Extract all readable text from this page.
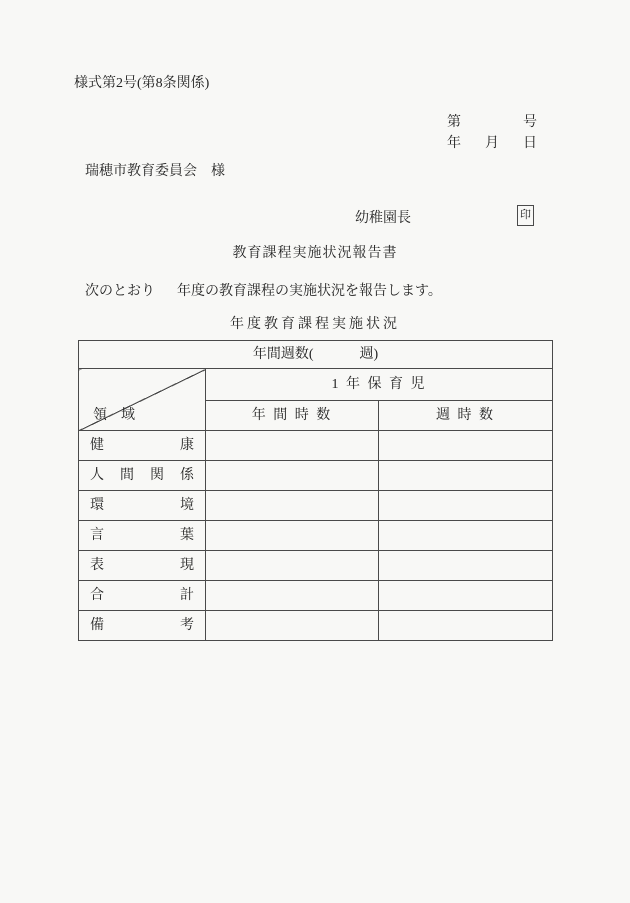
様式第2号(第8条関係)
第	号
年 月 日
瑞穂市教育委員会　様
幼稚園長	印
教育課程実施状況報告書
次のとおり 年度の教育課程の実施状況を報告します。
年度教育課程実施状況
年間週数( 週)		

領　域	1 年 保 育 児	
	年 間 時 数	週 時 数

健康		

人間関係		

環境		

言葉		

表現		

合計		

備考		
